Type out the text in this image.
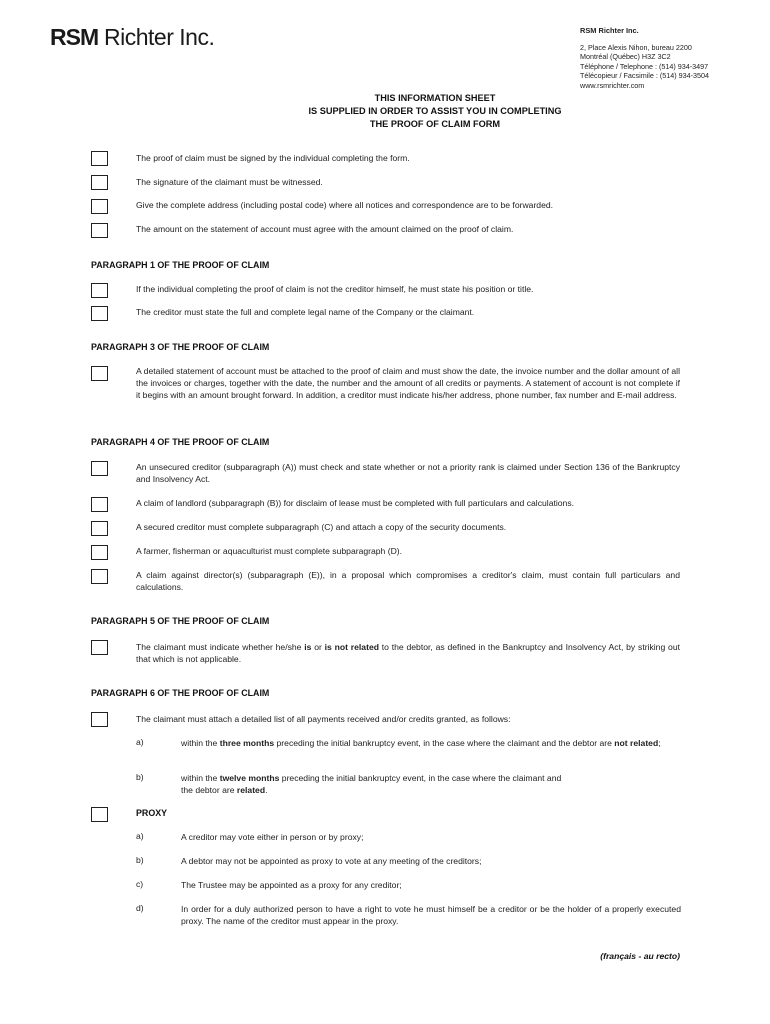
RSM Richter Inc.	RSM Richter Inc.
2, Place Alexis Nihon, bureau 2200
Montréal (Québec) H3Z 3C2
Téléphone / Telephone : (514) 934-3497
Télécopieur / Facsimile : (514) 934-3504
www.rsmrichter.com
THIS INFORMATION SHEET
IS SUPPLIED IN ORDER TO ASSIST YOU IN COMPLETING
THE PROOF OF CLAIM FORM
The proof of claim must be signed by the individual completing the form.
The signature of the claimant must be witnessed.
Give the complete address (including postal code) where all notices and correspondence are to be forwarded.
The amount on the statement of account must agree with the amount claimed on the proof of claim.
PARAGRAPH 1 OF THE PROOF OF CLAIM
If the individual completing the proof of claim is not the creditor himself, he must state his position or title.
The creditor must state the full and complete legal name of the Company or the claimant.
PARAGRAPH 3 OF THE PROOF OF CLAIM
A detailed statement of account must be attached to the proof of claim and must show the date, the invoice number and the dollar amount of all the invoices or charges, together with the date, the number and the amount of all credits or payments. A statement of account is not complete if it begins with an amount brought forward. In addition, a creditor must indicate his/her address, phone number, fax number and E-mail address.
PARAGRAPH 4 OF THE PROOF OF CLAIM
An unsecured creditor (subparagraph (A)) must check and state whether or not a priority rank is claimed under Section 136 of the Bankruptcy and Insolvency Act.
A claim of landlord (subparagraph (B)) for disclaim of lease must be completed with full particulars and calculations.
A secured creditor must complete subparagraph (C) and attach a copy of the security documents.
A farmer, fisherman or aquaculturist must complete subparagraph (D).
A claim against director(s) (subparagraph (E)), in a proposal which compromises a creditor's claim, must contain full particulars and calculations.
PARAGRAPH 5 OF THE PROOF OF CLAIM
The claimant must indicate whether he/she is or is not related to the debtor, as defined in the Bankruptcy and Insolvency Act, by striking out that which is not applicable.
PARAGRAPH 6 OF THE PROOF OF CLAIM
The claimant must attach a detailed list of all payments received and/or credits granted, as follows:
a)	within the three months preceding the initial bankruptcy event, in the case where the claimant and the debtor are not related;
b)	within the twelve months preceding the initial bankruptcy event, in the case where the claimant and
the debtor are related.
PROXY
a)	A creditor may vote either in person or by proxy;
b)	A debtor may not be appointed as proxy to vote at any meeting of the creditors;
c)	The Trustee may be appointed as a proxy for any creditor;
d)	In order for a duly authorized person to have a right to vote he must himself be a creditor or be the holder of a properly executed proxy. The name of the creditor must appear in the proxy.
(français - au recto)
